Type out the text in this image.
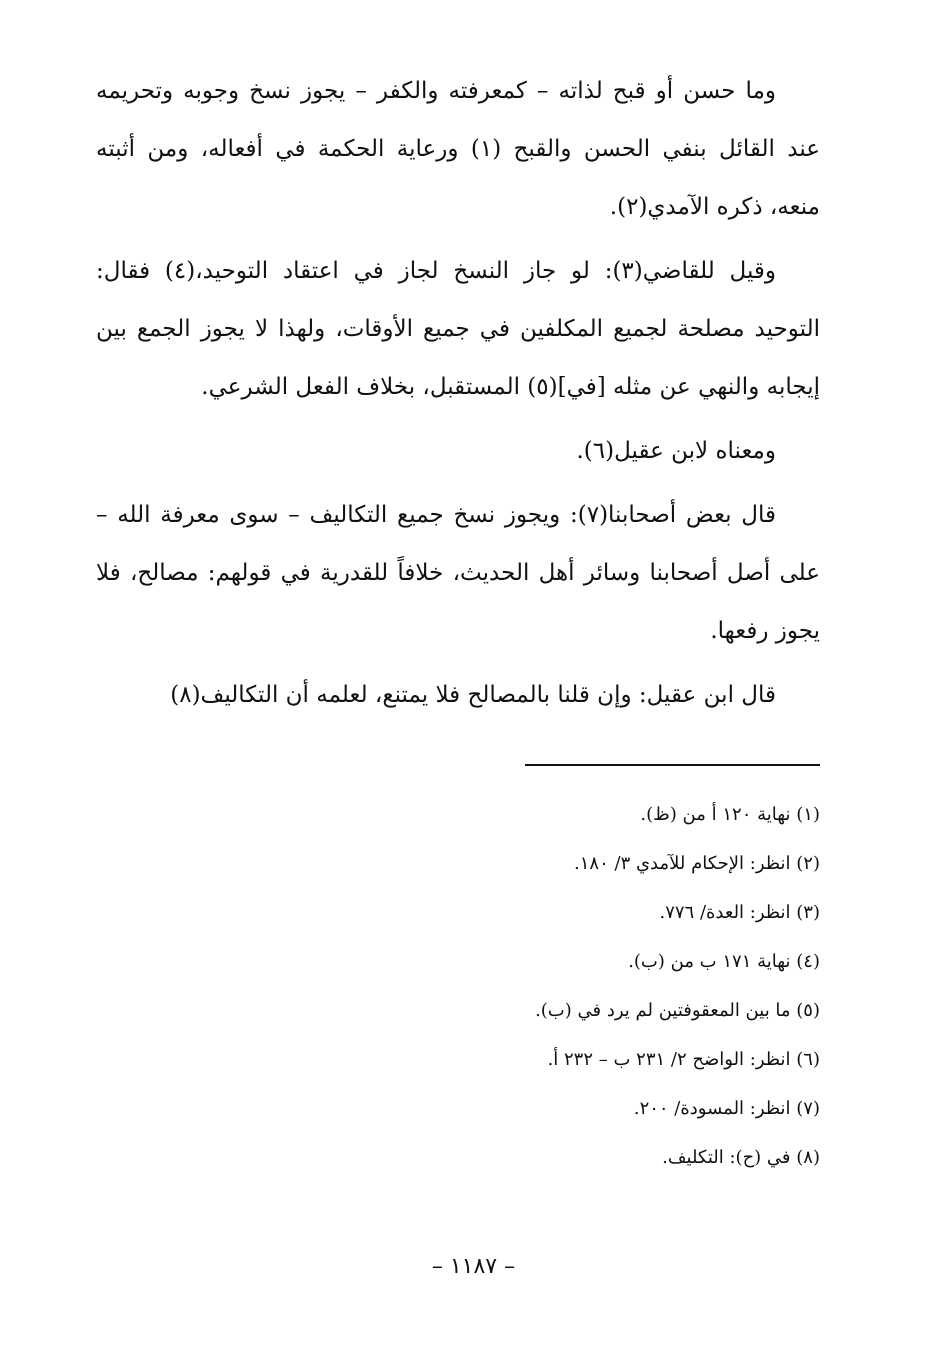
وما حسن أو قبح لذاته – كمعرفته والكفر – يجوز نسخ وجوبه وتحريمه عند القائل بنفي الحسن والقبح (١) ورعاية الحكمة في أفعاله، ومن أثبته منعه، ذكره الآمدي(٢).

وقيل للقاضي(٣): لو جاز النسخ لجاز في اعتقاد التوحيد،(٤) فقال: التوحيد مصلحة لجميع المكلفين في جميع الأوقات، ولهذا لا يجوز الجمع بين إيجابه والنهي عن مثله [في](٥) المستقبل، بخلاف الفعل الشرعي.

ومعناه لابن عقيل(٦).

قال بعض أصحابنا(٧): ويجوز نسخ جميع التكاليف – سوى معرفة الله – على أصل أصحابنا وسائر أهل الحديث، خلافاً للقدرية في قولهم: مصالح، فلا يجوز رفعها.

قال ابن عقيل: وإن قلنا بالمصالح فلا يمتنع، لعلمه أن التكاليف(٨)

(١) نهاية ١٢٠ أ من (ظ).
(٢) انظر: الإحكام للآمدي ٣/ ١٨٠.
(٣) انظر: العدة/ ٧٧٦.
(٤) نهاية ١٧١ ب من (ب).
(٥) ما بين المعقوفتين لم يرد في (ب).
(٦) انظر: الواضح ٢/ ٢٣١ ب – ٢٣٢ أ.
(٧) انظر: المسودة/ ٢٠٠.
(٨) في (ح): التكليف.
– ١١٨٧ –
